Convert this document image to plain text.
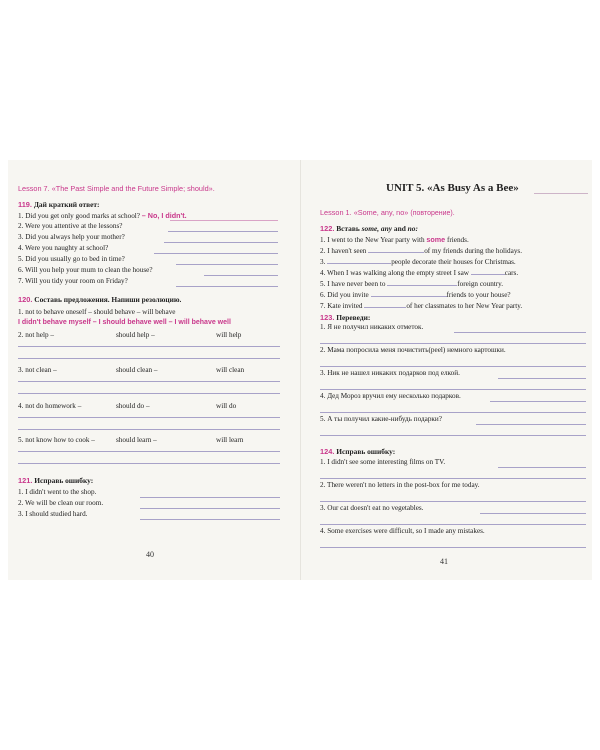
Lesson 7. «The Past Simple and the Future Simple; should».
119. Дай краткий ответ:
1. Did you get only good marks at school? – No, I didn't.
2. Were you attentive at the lessons?
3. Did you always help your mother?
4. Were you naughty at school?
5. Did you usually go to bed in time?
6. Will you help your mum to clean the house?
7. Will you tidy your room on Friday?
120. Составь предложения. Напиши резолюцию.
1. not to behave oneself – should behave – will behave
I didn't behave myself – I should behave well – I will behave well
2. not help –	should help –	will help
3. not clean –	should clean –	will clean
4. not do homework –	should do –	will do
5. not know how to cook –	should learn –	will learn
121. Исправь ошибку:
1. I didn't went to the shop.
2. We will be clean our room.
3. I should studied hard.
40
UNIT 5. «As Busy As a Bee»
Lesson 1. «Some, any, no» (повторение).
122. Вставь some, any and no:
1. I went to the New Year party with some friends.
2. I haven't seen	of my friends during the holidays.
3.	people decorate their houses for Christmas.
4. When I was walking along the empty street I saw	cars.
5. I have never been to	foreign country.
6. Did you invite	friends to your house?
7. Kate invited	of her classmates to her New Year party.
123. Переведи:
1. Я не получил никаких отметок.
2. Мама попросила меня почистить(peel) немного картошки.
3. Ник не нашел никаких подарков под елкой.
4. Дед Мороз вручил ему несколько подарков.
5. А ты получил какие-нибудь подарки?
124. Исправь ошибку:
1. I didn't see some interesting films on TV.
2. There weren't no letters in the post-box for me today.
3. Our cat doesn't eat no vegetables.
4. Some exercises were difficult, so I made any mistakes.
41
